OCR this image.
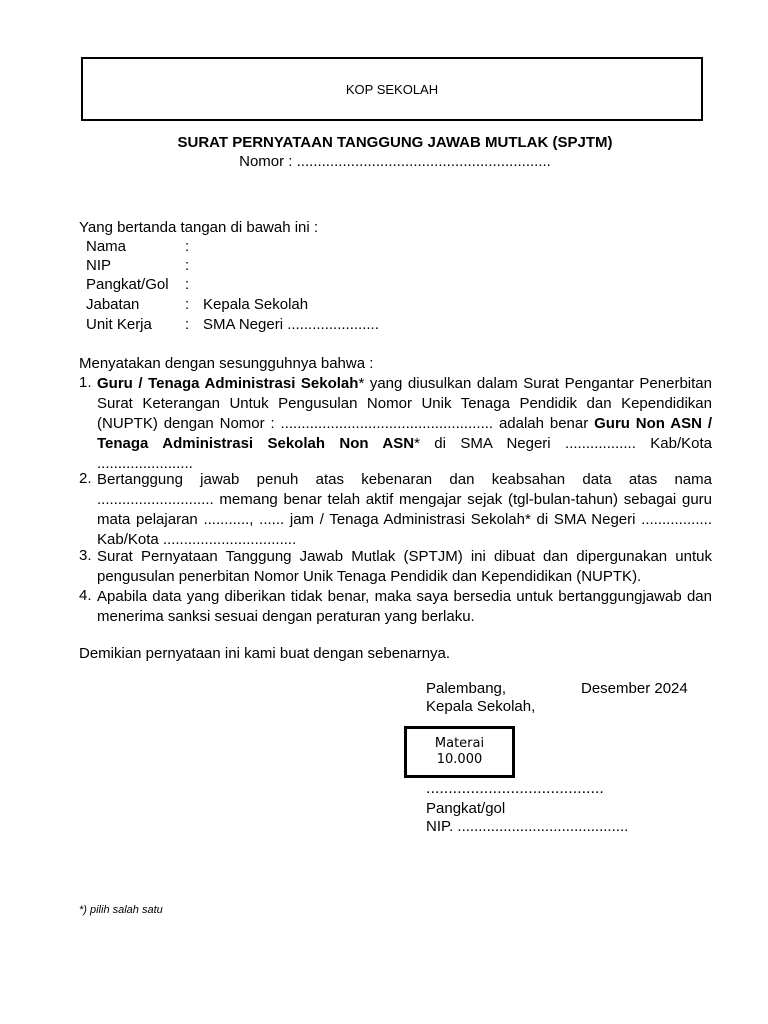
KOP SEKOLAH
SURAT PERNYATAAN TANGGUNG JAWAB MUTLAK (SPJTM)
Nomor : .............................................................
Yang bertanda tangan di bawah ini :
Nama	:
NIP	:
Pangkat/Gol :
Jabatan	: Kepala Sekolah
Unit Kerja : SMA Negeri ......................
Menyatakan dengan sesungguhnya bahwa :
1. Guru / Tenaga Administrasi Sekolah* yang diusulkan dalam Surat Pengantar Penerbitan Surat Keterangan Untuk Pengusulan Nomor Unik Tenaga Pendidik dan Kependidikan (NUPTK) dengan Nomor : ................................................... adalah benar Guru Non ASN / Tenaga Administrasi Sekolah Non ASN* di SMA Negeri ................. Kab/Kota .......................
2. Bertanggung jawab penuh atas kebenaran dan keabsahan data atas nama ............................ memang benar telah aktif mengajar sejak (tgl-bulan-tahun) sebagai guru mata pelajaran ..........., ...... jam / Tenaga Administrasi Sekolah* di SMA Negeri ................. Kab/Kota ................................
3. Surat Pernyataan Tanggung Jawab Mutlak (SPTJM) ini dibuat dan dipergunakan untuk pengusulan penerbitan Nomor Unik Tenaga Pendidik dan Kependidikan (NUPTK).
4. Apabila data yang diberikan tidak benar, maka saya bersedia untuk bertanggungjawab dan menerima sanksi sesuai dengan peraturan yang berlaku.
Demikian pernyataan ini kami buat dengan sebenarnya.
Palembang,	Desember 2024
Kepala Sekolah,
Materai
10.000
........................................
Pangkat/gol
NIP. .........................................
*) pilih salah satu
